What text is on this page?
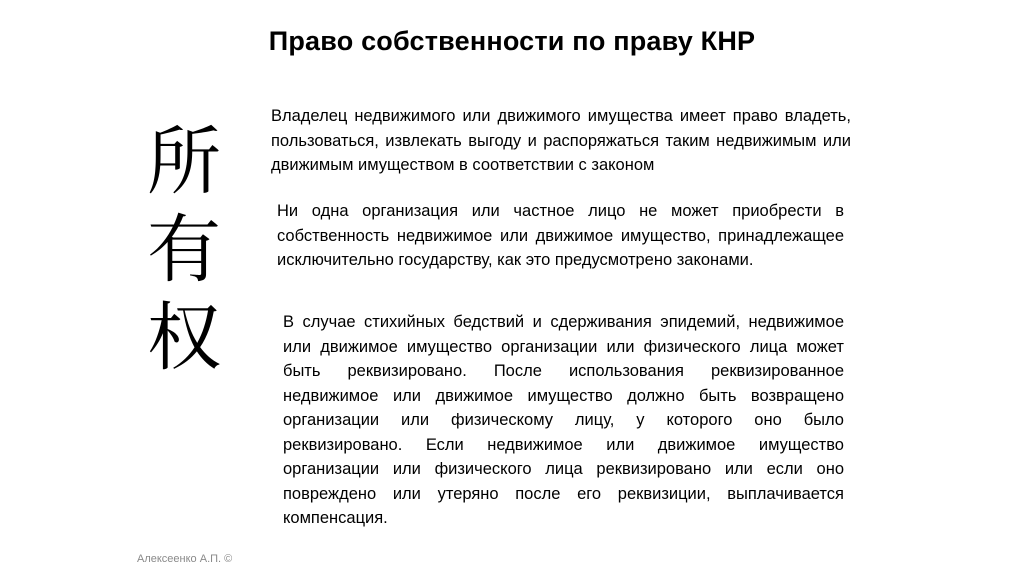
Право собственности по праву КНР
所
有
权
Владелец недвижимого или движимого имущества имеет право владеть, пользоваться, извлекать выгоду и распоряжаться таким недвижимым или движимым имуществом в соответствии с законом
Ни одна организация или частное лицо не может приобрести в собственность недвижимое или движимое имущество, принадлежащее исключительно государству, как это предусмотрено законами.
В случае стихийных бедствий и сдерживания эпидемий, недвижимое или движимое имущество организации или физического лица может быть реквизировано. После использования реквизированное недвижимое или движимое имущество должно быть возвращено организации или физическому лицу, у которого оно было реквизировано. Если недвижимое или движимое имущество организации или физического лица реквизировано или если оно повреждено или утеряно после его реквизиции, выплачивается компенсация.
Алексеенко А.П. ©
